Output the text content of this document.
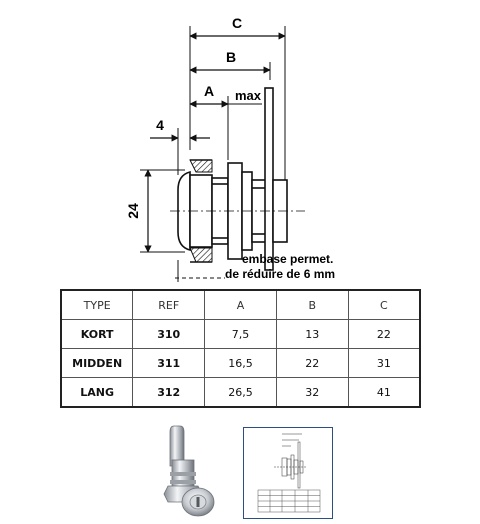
C
B
A max
4
24
embase permet.
de réduire de 6 mm
TYPE	REF	A	B	C
KORT	310	7,5	13	22
MIDDEN	311	16,5	22	31
LANG	312	26,5	32	41
